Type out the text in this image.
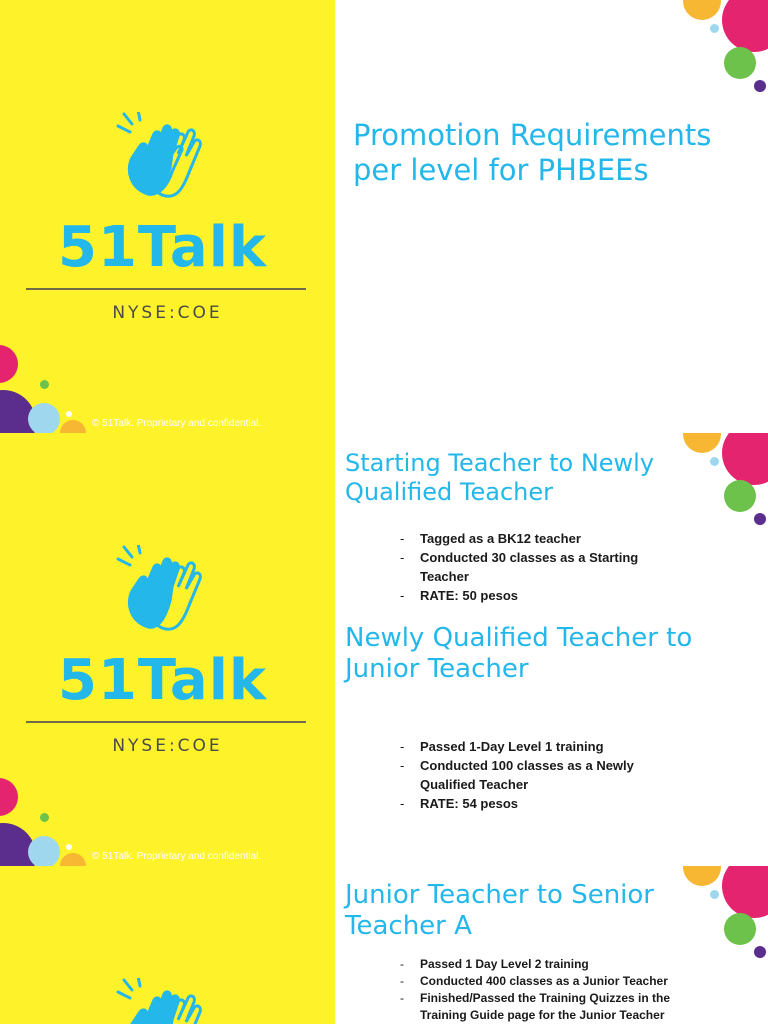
51Talk
NYSE:COE
© 51Talk. Proprietary and confidential.
Promotion Requirements per level for PHBEEs
51Talk
NYSE:COE
© 51Talk. Proprietary and confidential.
Starting Teacher to Newly Qualified Teacher
- Tagged as a BK12 teacher
- Conducted 30 classes as a Starting Teacher
- RATE: 50 pesos
Newly Qualified Teacher to Junior Teacher
- Passed 1-Day Level 1 training
- Conducted 100 classes as a Newly Qualified Teacher
- RATE: 54 pesos
Junior Teacher to Senior Teacher A
- Passed 1 Day Level 2 training
- Conducted 400 classes as a Junior Teacher
- Finished/Passed the Training Quizzes in the Training Guide page for the Junior Teacher
